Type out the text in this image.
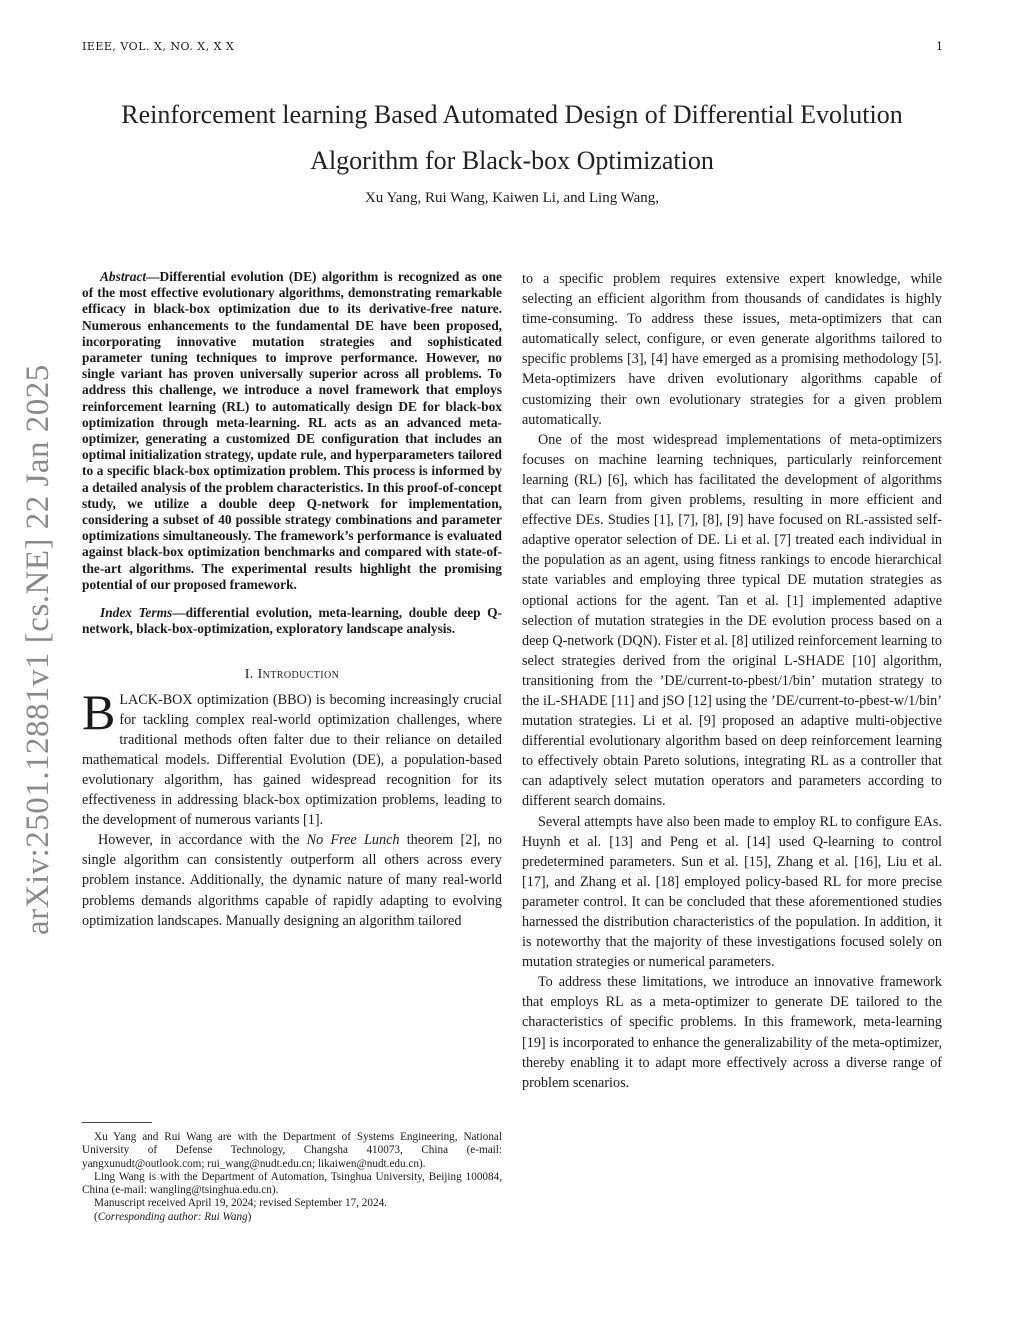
IEEE, VOL. X, NO. X, X X	1
Reinforcement learning Based Automated Design of Differential Evolution Algorithm for Black-box Optimization
Xu Yang, Rui Wang, Kaiwen Li, and Ling Wang,
arXiv:2501.12881v1 [cs.NE] 22 Jan 2025

Abstract—Differential evolution (DE) algorithm is recognized as one of the most effective evolutionary algorithms, demonstrating remarkable efficacy in black-box optimization due to its derivative-free nature. Numerous enhancements to the fundamental DE have been proposed, incorporating innovative mutation strategies and sophisticated parameter tuning techniques to improve performance. However, no single variant has proven universally superior across all problems. To address this challenge, we introduce a novel framework that employs reinforcement learning (RL) to automatically design DE for black-box optimization through meta-learning. RL acts as an advanced meta-optimizer, generating a customized DE configuration that includes an optimal initialization strategy, update rule, and hyperparameters tailored to a specific black-box optimization problem. This process is informed by a detailed analysis of the problem characteristics. In this proof-of-concept study, we utilize a double deep Q-network for implementation, considering a subset of 40 possible strategy combinations and parameter optimizations simultaneously. The framework’s performance is evaluated against black-box optimization benchmarks and compared with state-of-the-art algorithms. The experimental results highlight the promising potential of our proposed framework.

Index Terms—differential evolution, meta-learning, double deep Q-network, black-box-optimization, exploratory landscape analysis.

I. Introduction

BLACK-BOX optimization (BBO) is becoming increasingly crucial for tackling complex real-world optimization challenges, where traditional methods often falter due to their reliance on detailed mathematical models. Differential Evolution (DE), a population-based evolutionary algorithm, has gained widespread recognition for its effectiveness in addressing black-box optimization problems, leading to the development of numerous variants [1].

However, in accordance with the No Free Lunch theorem [2], no single algorithm can consistently outperform all others across every problem instance. Additionally, the dynamic nature of many real-world problems demands algorithms capable of rapidly adapting to evolving optimization landscapes. Manually designing an algorithm tailored

Xu Yang and Rui Wang are with the Department of Systems Engineering, National University of Defense Technology, Changsha 410073, China (e-mail: yangxunudt@outlook.com; rui_wang@nudt.edu.cn; likaiwen@nudt.edu.cn).

Ling Wang is with the Department of Automation, Tsinghua University, Beijing 100084, China (e-mail: wangling@tsinghua.edu.cn).

Manuscript received April 19, 2024; revised September 17, 2024.

(Corresponding author: Rui Wang)

to a specific problem requires extensive expert knowledge, while selecting an efficient algorithm from thousands of candidates is highly time-consuming. To address these issues, meta-optimizers that can automatically select, configure, or even generate algorithms tailored to specific problems [3], [4] have emerged as a promising methodology [5]. Meta-optimizers have driven evolutionary algorithms capable of customizing their own evolutionary strategies for a given problem automatically.

One of the most widespread implementations of meta-optimizers focuses on machine learning techniques, particularly reinforcement learning (RL) [6], which has facilitated the development of algorithms that can learn from given problems, resulting in more efficient and effective DEs. Studies [1], [7], [8], [9] have focused on RL-assisted self-adaptive operator selection of DE. Li et al. [7] treated each individual in the population as an agent, using fitness rankings to encode hierarchical state variables and employing three typical DE mutation strategies as optional actions for the agent. Tan et al. [1] implemented adaptive selection of mutation strategies in the DE evolution process based on a deep Q-network (DQN). Fister et al. [8] utilized reinforcement learning to select strategies derived from the original L-SHADE [10] algorithm, transitioning from the ’DE/current-to-pbest/1/bin’ mutation strategy to the iL-SHADE [11] and jSO [12] using the ’DE/current-to-pbest-w/1/bin’ mutation strategies. Li et al. [9] proposed an adaptive multi-objective differential evolutionary algorithm based on deep reinforcement learning to effectively obtain Pareto solutions, integrating RL as a controller that can adaptively select mutation operators and parameters according to different search domains.

Several attempts have also been made to employ RL to configure EAs. Huynh et al. [13] and Peng et al. [14] used Q-learning to control predetermined parameters. Sun et al. [15], Zhang et al. [16], Liu et al. [17], and Zhang et al. [18] employed policy-based RL for more precise parameter control. It can be concluded that these aforementioned studies harnessed the distribution characteristics of the population. In addition, it is noteworthy that the majority of these investigations focused solely on mutation strategies or numerical parameters.

To address these limitations, we introduce an innovative framework that employs RL as a meta-optimizer to generate DE tailored to the characteristics of specific problems. In this framework, meta-learning [19] is incorporated to enhance the generalizability of the meta-optimizer, thereby enabling it to adapt more effectively across a diverse range of problem scenarios.
